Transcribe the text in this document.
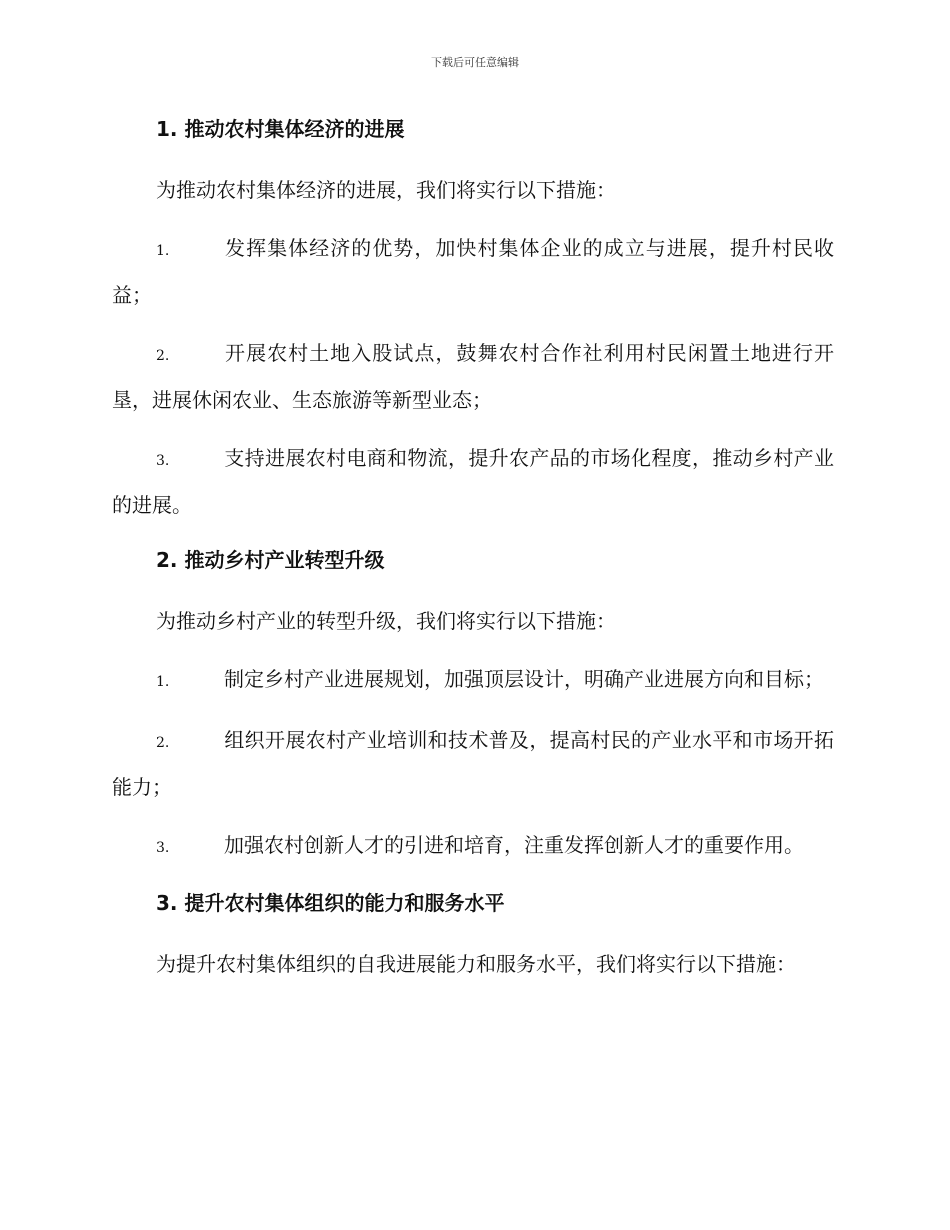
下载后可任意编辑
1. 推动农村集体经济的进展

为推动农村集体经济的进展，我们将实行以下措施：

1.	发挥集体经济的优势，加快村集体企业的成立与进展，提升村民收益；

2.	开展农村土地入股试点，鼓舞农村合作社利用村民闲置土地进行开垦，进展休闲农业、生态旅游等新型业态；

3.	支持进展农村电商和物流，提升农产品的市场化程度，推动乡村产业的进展。

2. 推动乡村产业转型升级

为推动乡村产业的转型升级，我们将实行以下措施：

1.	制定乡村产业进展规划，加强顶层设计，明确产业进展方向和目标；

2.	组织开展农村产业培训和技术普及，提高村民的产业水平和市场开拓能力；

3.	加强农村创新人才的引进和培育，注重发挥创新人才的重要作用。

3. 提升农村集体组织的能力和服务水平

为提升农村集体组织的自我进展能力和服务水平，我们将实行以下措施：
